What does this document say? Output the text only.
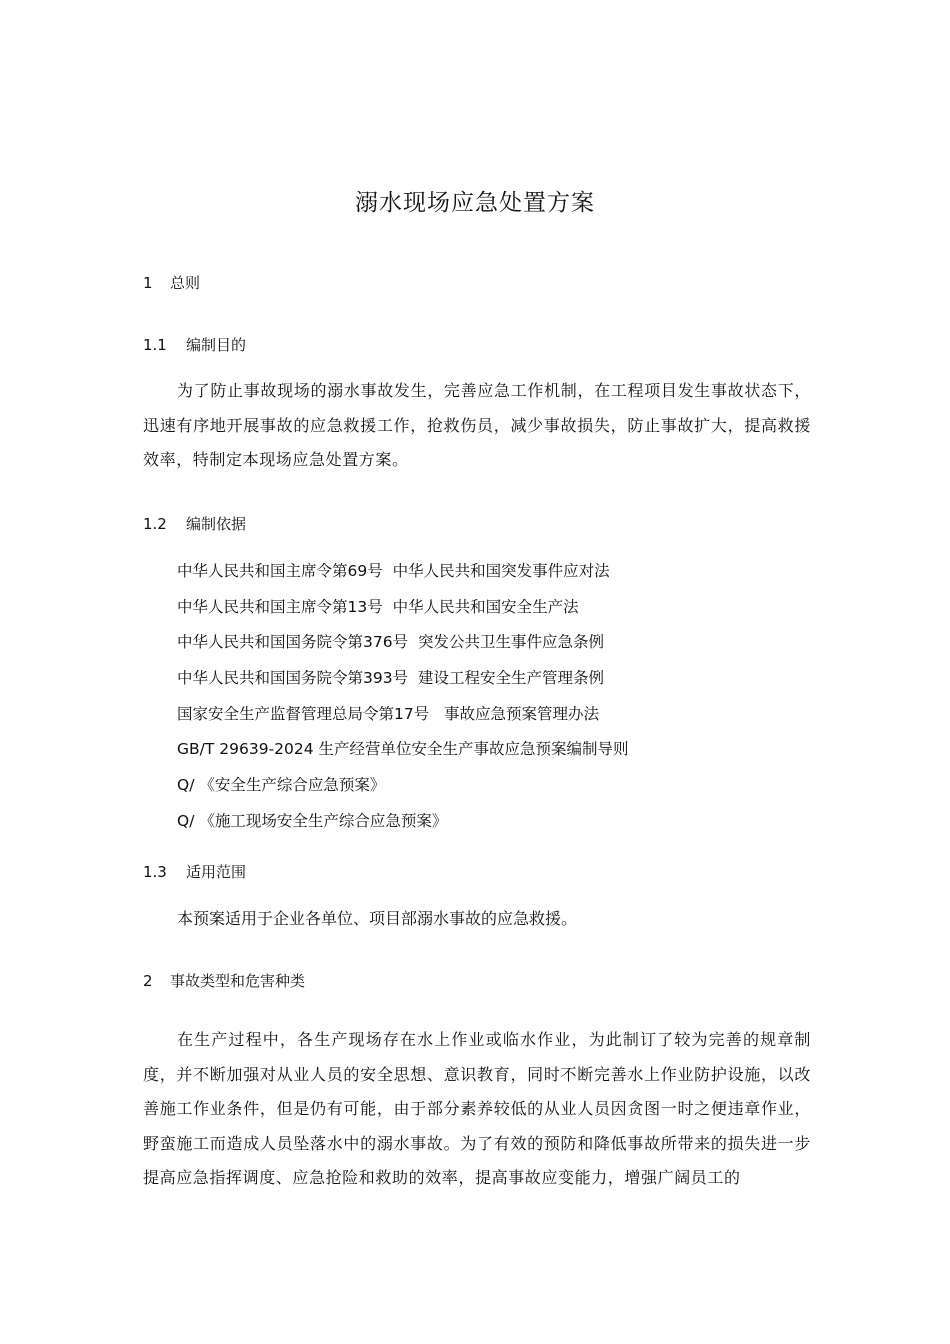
溺水现场应急处置方案
1 总则
1.1 编制目的
为了防止事故现场的溺水事故发生，完善应急工作机制，在工程项目发生事故状态下，迅速有序地开展事故的应急救援工作，抢救伤员，减少事故损失，防止事故扩大，提高救援效率，特制定本现场应急处置方案。
1.2 编制依据
中华人民共和国主席令第69号  中华人民共和国突发事件应对法
中华人民共和国主席令第13号  中华人民共和国安全生产法
中华人民共和国国务院令第376号  突发公共卫生事件应急条例
中华人民共和国国务院令第393号  建设工程安全生产管理条例
国家安全生产监督管理总局令第17号   事故应急预案管理办法
GB/T 29639-2024 生产经营单位安全生产事故应急预案编制导则
Q/ 《安全生产综合应急预案》
Q/ 《施工现场安全生产综合应急预案》
1.3 适用范围
本预案适用于企业各单位、项目部溺水事故的应急救援。
2 事故类型和危害种类
在生产过程中，各生产现场存在水上作业或临水作业，为此制订了较为完善的规章制度，并不断加强对从业人员的安全思想、意识教育，同时不断完善水上作业防护设施，以改善施工作业条件，但是仍有可能，由于部分素养较低的从业人员因贪图一时之便违章作业，野蛮施工而造成人员坠落水中的溺水事故。为了有效的预防和降低事故所带来的损失进一步提高应急指挥调度、应急抢险和救助的效率，提高事故应变能力，增强广阔员工的
